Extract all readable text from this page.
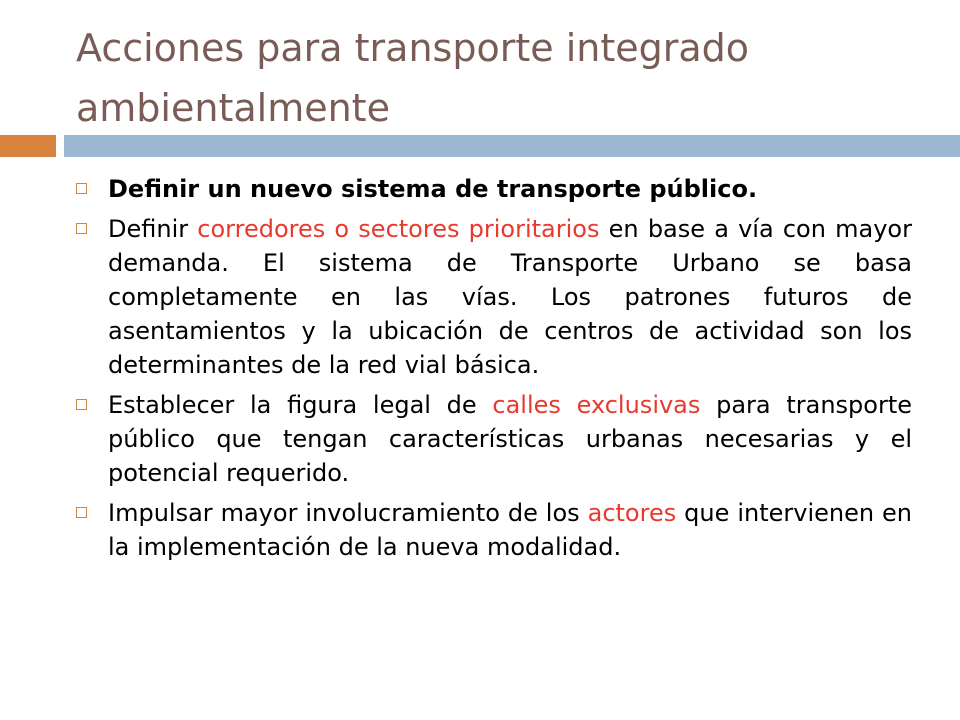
Acciones para transporte integrado
ambientalmente
Definir un nuevo sistema de transporte público.
Definir corredores o sectores prioritarios en base a vía con mayor demanda. El sistema de Transporte Urbano se basa completamente en las vías. Los patrones futuros de asentamientos y la ubicación de centros de actividad son los determinantes de la red vial básica.
Establecer la figura legal de calles exclusivas para transporte público que tengan características urbanas necesarias y el potencial requerido.
Impulsar mayor involucramiento de los actores que intervienen en la implementación de la nueva modalidad.
